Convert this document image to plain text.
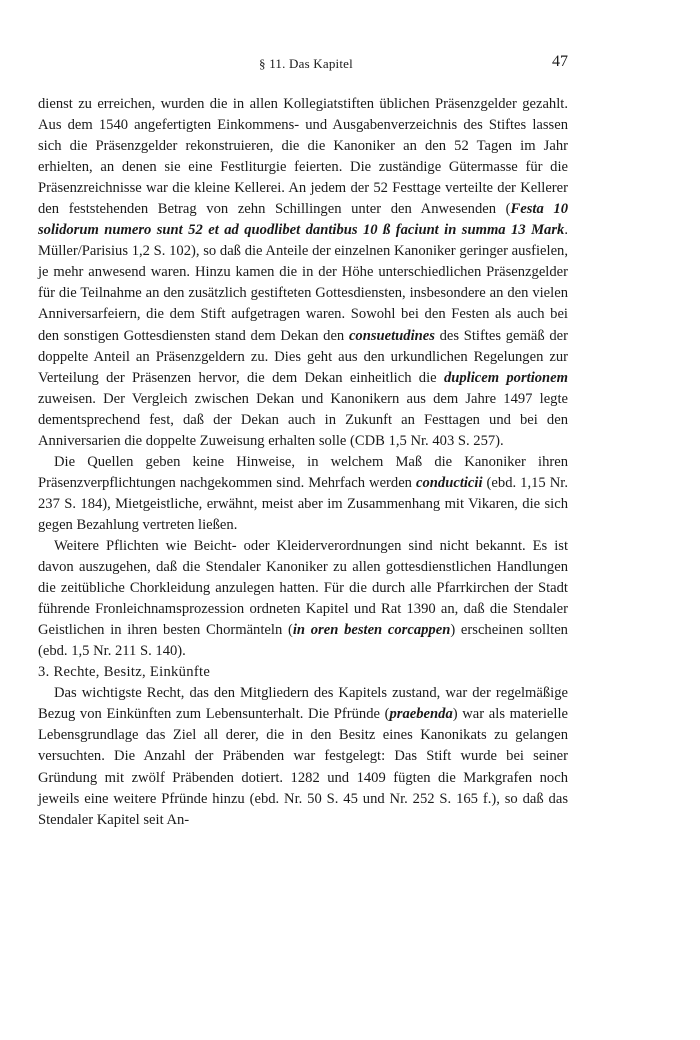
§ 11. Das Kapitel	47

dienst zu erreichen, wurden die in allen Kollegiatstiften üblichen Präsenzgelder gezahlt. Aus dem 1540 angefertigten Einkommens- und Ausgabenverzeichnis des Stiftes lassen sich die Präsenzgelder rekonstruieren, die die Kanoniker an den 52 Tagen im Jahr erhielten, an denen sie eine Festliturgie feierten. Die zuständige Gütermasse für die Präsenzreichnisse war die kleine Kellerei. An jedem der 52 Festtage verteilte der Kellerer den feststehenden Betrag von zehn Schillingen unter den Anwesenden (Festa 10 solidorum numero sunt 52 et ad quodlibet dantibus 10 ß faciunt in summa 13 Mark. Müller/Parisius 1,2 S. 102), so daß die Anteile der einzelnen Kanoniker geringer ausfielen, je mehr anwesend waren. Hinzu kamen die in der Höhe unterschiedlichen Präsenzgelder für die Teilnahme an den zusätzlich gestifteten Gottesdiensten, insbesondere an den vielen Anniversarfeiern, die dem Stift aufgetragen waren. Sowohl bei den Festen als auch bei den sonstigen Gottesdiensten stand dem Dekan den consuetudines des Stiftes gemäß der doppelte Anteil an Präsenzgeldern zu. Dies geht aus den urkundlichen Regelungen zur Verteilung der Präsenzen hervor, die dem Dekan einheitlich die duplicem portionem zuweisen. Der Vergleich zwischen Dekan und Kanonikern aus dem Jahre 1497 legte dementsprechend fest, daß der Dekan auch in Zukunft an Festtagen und bei den Anniversarien die doppelte Zuweisung erhalten solle (CDB 1,5 Nr. 403 S. 257).

Die Quellen geben keine Hinweise, in welchem Maß die Kanoniker ihren Präsenzverpflichtungen nachgekommen sind. Mehrfach werden conducticii (ebd. 1,15 Nr. 237 S. 184), Mietgeistliche, erwähnt, meist aber im Zusammenhang mit Vikaren, die sich gegen Bezahlung vertreten ließen.

Weitere Pflichten wie Beicht- oder Kleiderverordnungen sind nicht bekannt. Es ist davon auszugehen, daß die Stendaler Kanoniker zu allen gottesdienstlichen Handlungen die zeitübliche Chorkleidung anzulegen hatten. Für die durch alle Pfarrkirchen der Stadt führende Fronleichnamsprozession ordneten Kapitel und Rat 1390 an, daß die Stendaler Geistlichen in ihren besten Chormänteln (in oren besten corcappen) erscheinen sollten (ebd. 1,5 Nr. 211 S. 140).

3. Rechte, Besitz, Einkünfte

Das wichtigste Recht, das den Mitgliedern des Kapitels zustand, war der regelmäßige Bezug von Einkünften zum Lebensunterhalt. Die Pfründe (praebenda) war als materielle Lebensgrundlage das Ziel all derer, die in den Besitz eines Kanonikats zu gelangen versuchten. Die Anzahl der Präbenden war festgelegt: Das Stift wurde bei seiner Gründung mit zwölf Präbenden dotiert. 1282 und 1409 fügten die Markgrafen noch jeweils eine weitere Pfründe hinzu (ebd. Nr. 50 S. 45 und Nr. 252 S. 165 f.), so daß das Stendaler Kapitel seit An-
